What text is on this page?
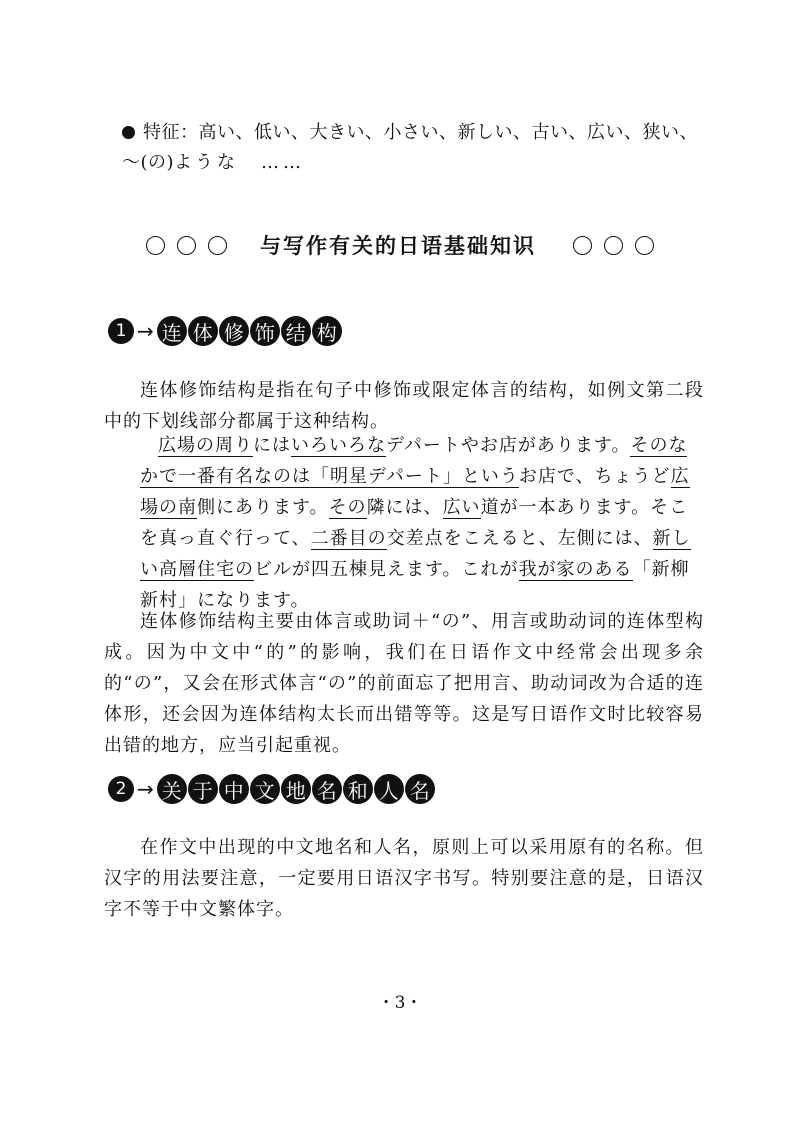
特征：高い、低い、大きい、小さい、新しい、古い、広い、狭い、～(の)よ うな　……
与写作有关的日语基础知识
1 → 连 体 修 饰 结 构

连体修饰结构是指在句子中修饰或限定体言的结构，如例文第二段中的下划线部分都属于这种结构。

広場の周りにはいろいろなデパートやお店があります。そのなかで一番有名なのは「明星デパート」というお店で、ちょうど広場の南側にあります。その隣には、広い道が一本あります。そこを真っ直ぐ行って、二番目の交差点をこえると、左側には、新しい高層住宅のビルが四五棟見えます。これが我が家のある「新柳新村」になります。

连体修饰结构主要由体言或助词＋“の”、用言或助动词的连体型构成。因为中文中“的”的影响，我们在日语作文中经常会出现多余的“の”，又会在形式体言“の”的前面忘了把用言、助动词改为合适的连体形，还会因为连体结构太长而出错等等。这是写日语作文时比较容易出错的地方，应当引起重视。

2 → 关 于 中 文 地 名 和 人 名

在作文中出现的中文地名和人名，原则上可以采用原有的名称。但汉字的用法要注意，一定要用日语汉字书写。特别要注意的是，日语汉字不等于中文繁体字。

・3・
